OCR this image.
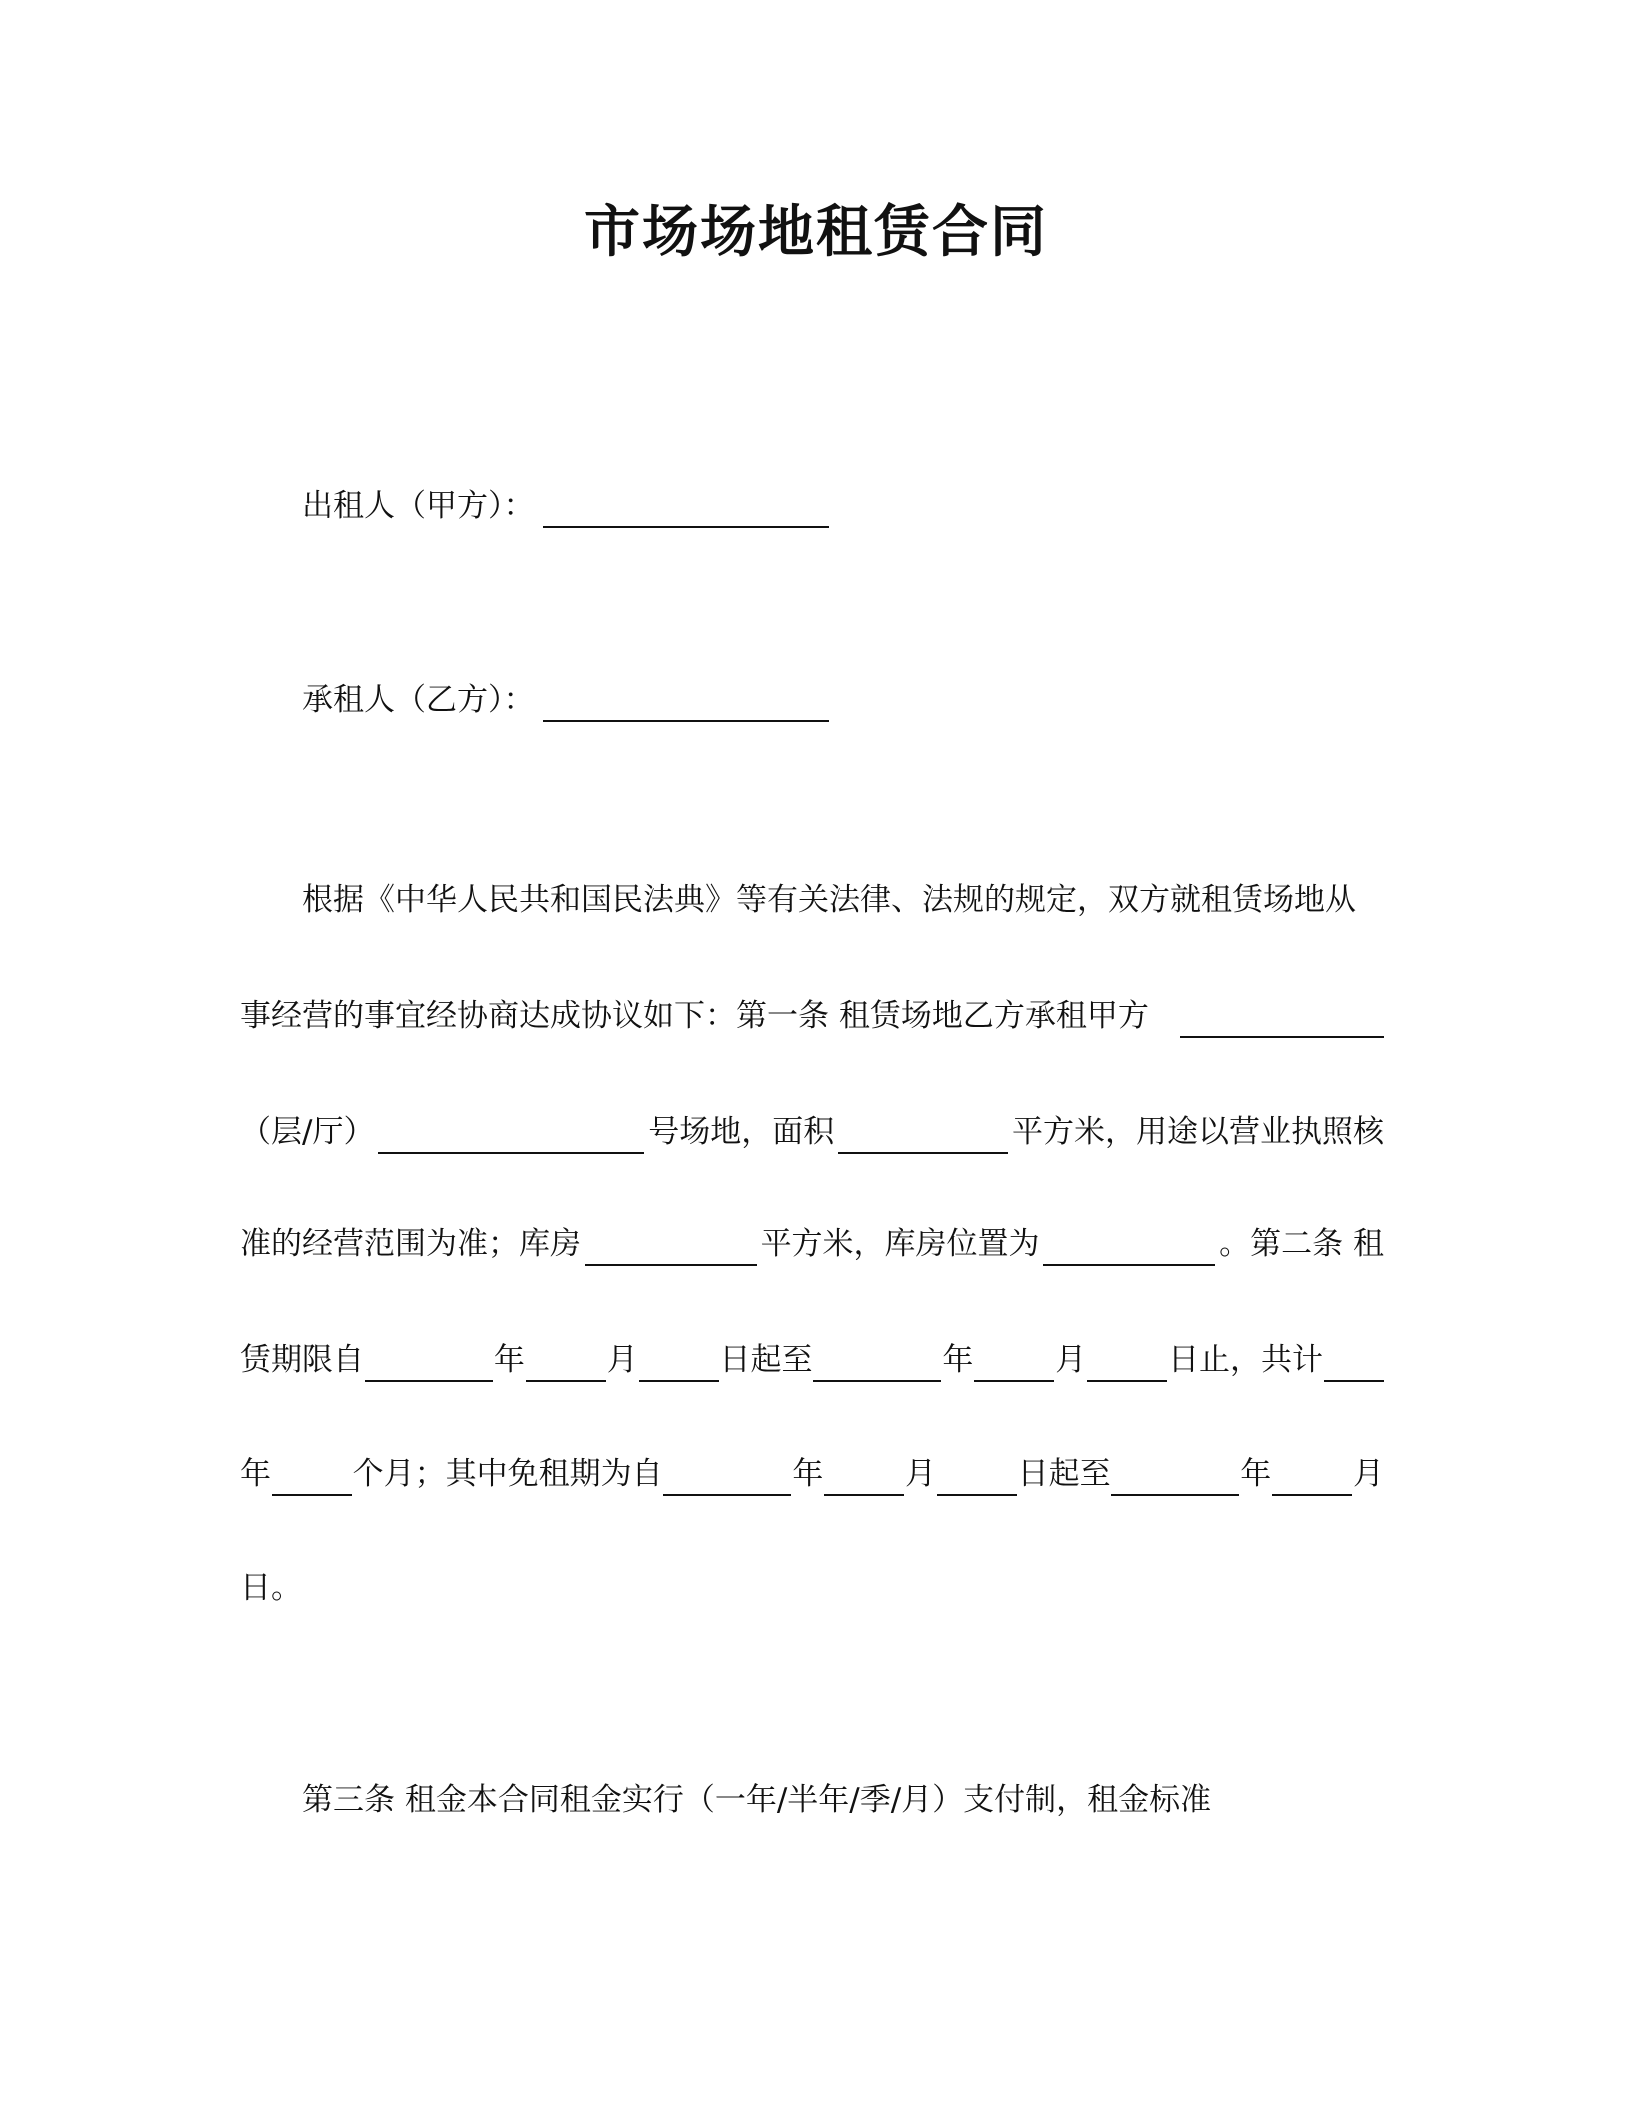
市场场地租赁合同
出租人（甲方）：
承租人（乙方）：
根据《中华人民共和国民法典》等有关法律、法规的规定，双方就租赁场地从
事经营的事宜经协商达成协议如下：第一条 租赁场地乙方承租甲方
（层/厅）	号场地，面积	平方米，用途以营业执照核
准的经营范围为准；库房	平方米，库房位置为	。第二条 租
赁期限自	年	月	日起至	年	月	日止，共计
年	个月；其中免租期为自	年	月	日起至	年	月
日。
第三条 租金本合同租金实行（一年/半年/季/月）支付制，租金标准
